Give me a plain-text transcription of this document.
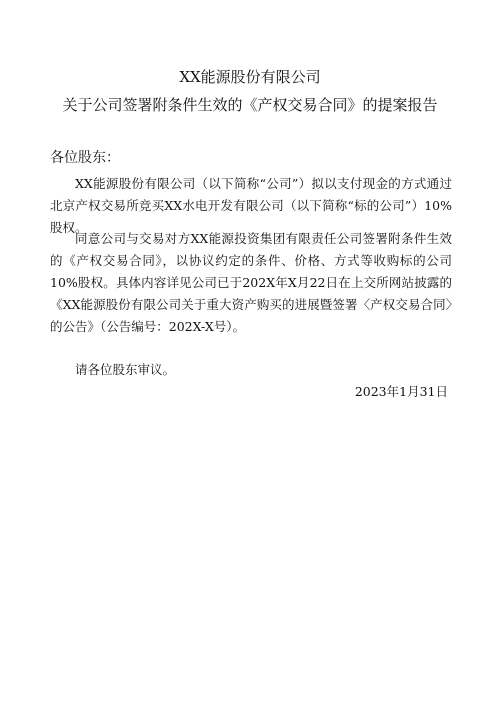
XX能源股份有限公司
关于公司签署附条件生效的《产权交易合同》的提案报告

各位股东：

XX能源股份有限公司（以下简称“公司”）拟以支付现金的方式通过北京产权交易所竞买XX水电开发有限公司（以下简称“标的公司”）10%股权。

同意公司与交易对方XX能源投资集团有限责任公司签署附条件生效的《产权交易合同》，以协议约定的条件、价格、方式等收购标的公司10%股权。具体内容详见公司已于202X年X月22日在上交所网站披露的《XX能源股份有限公司关于重大资产购买的进展暨签署〈产权交易合同〉的公告》（公告编号：202X-X号）。

请各位股东审议。

2023年1月31日
